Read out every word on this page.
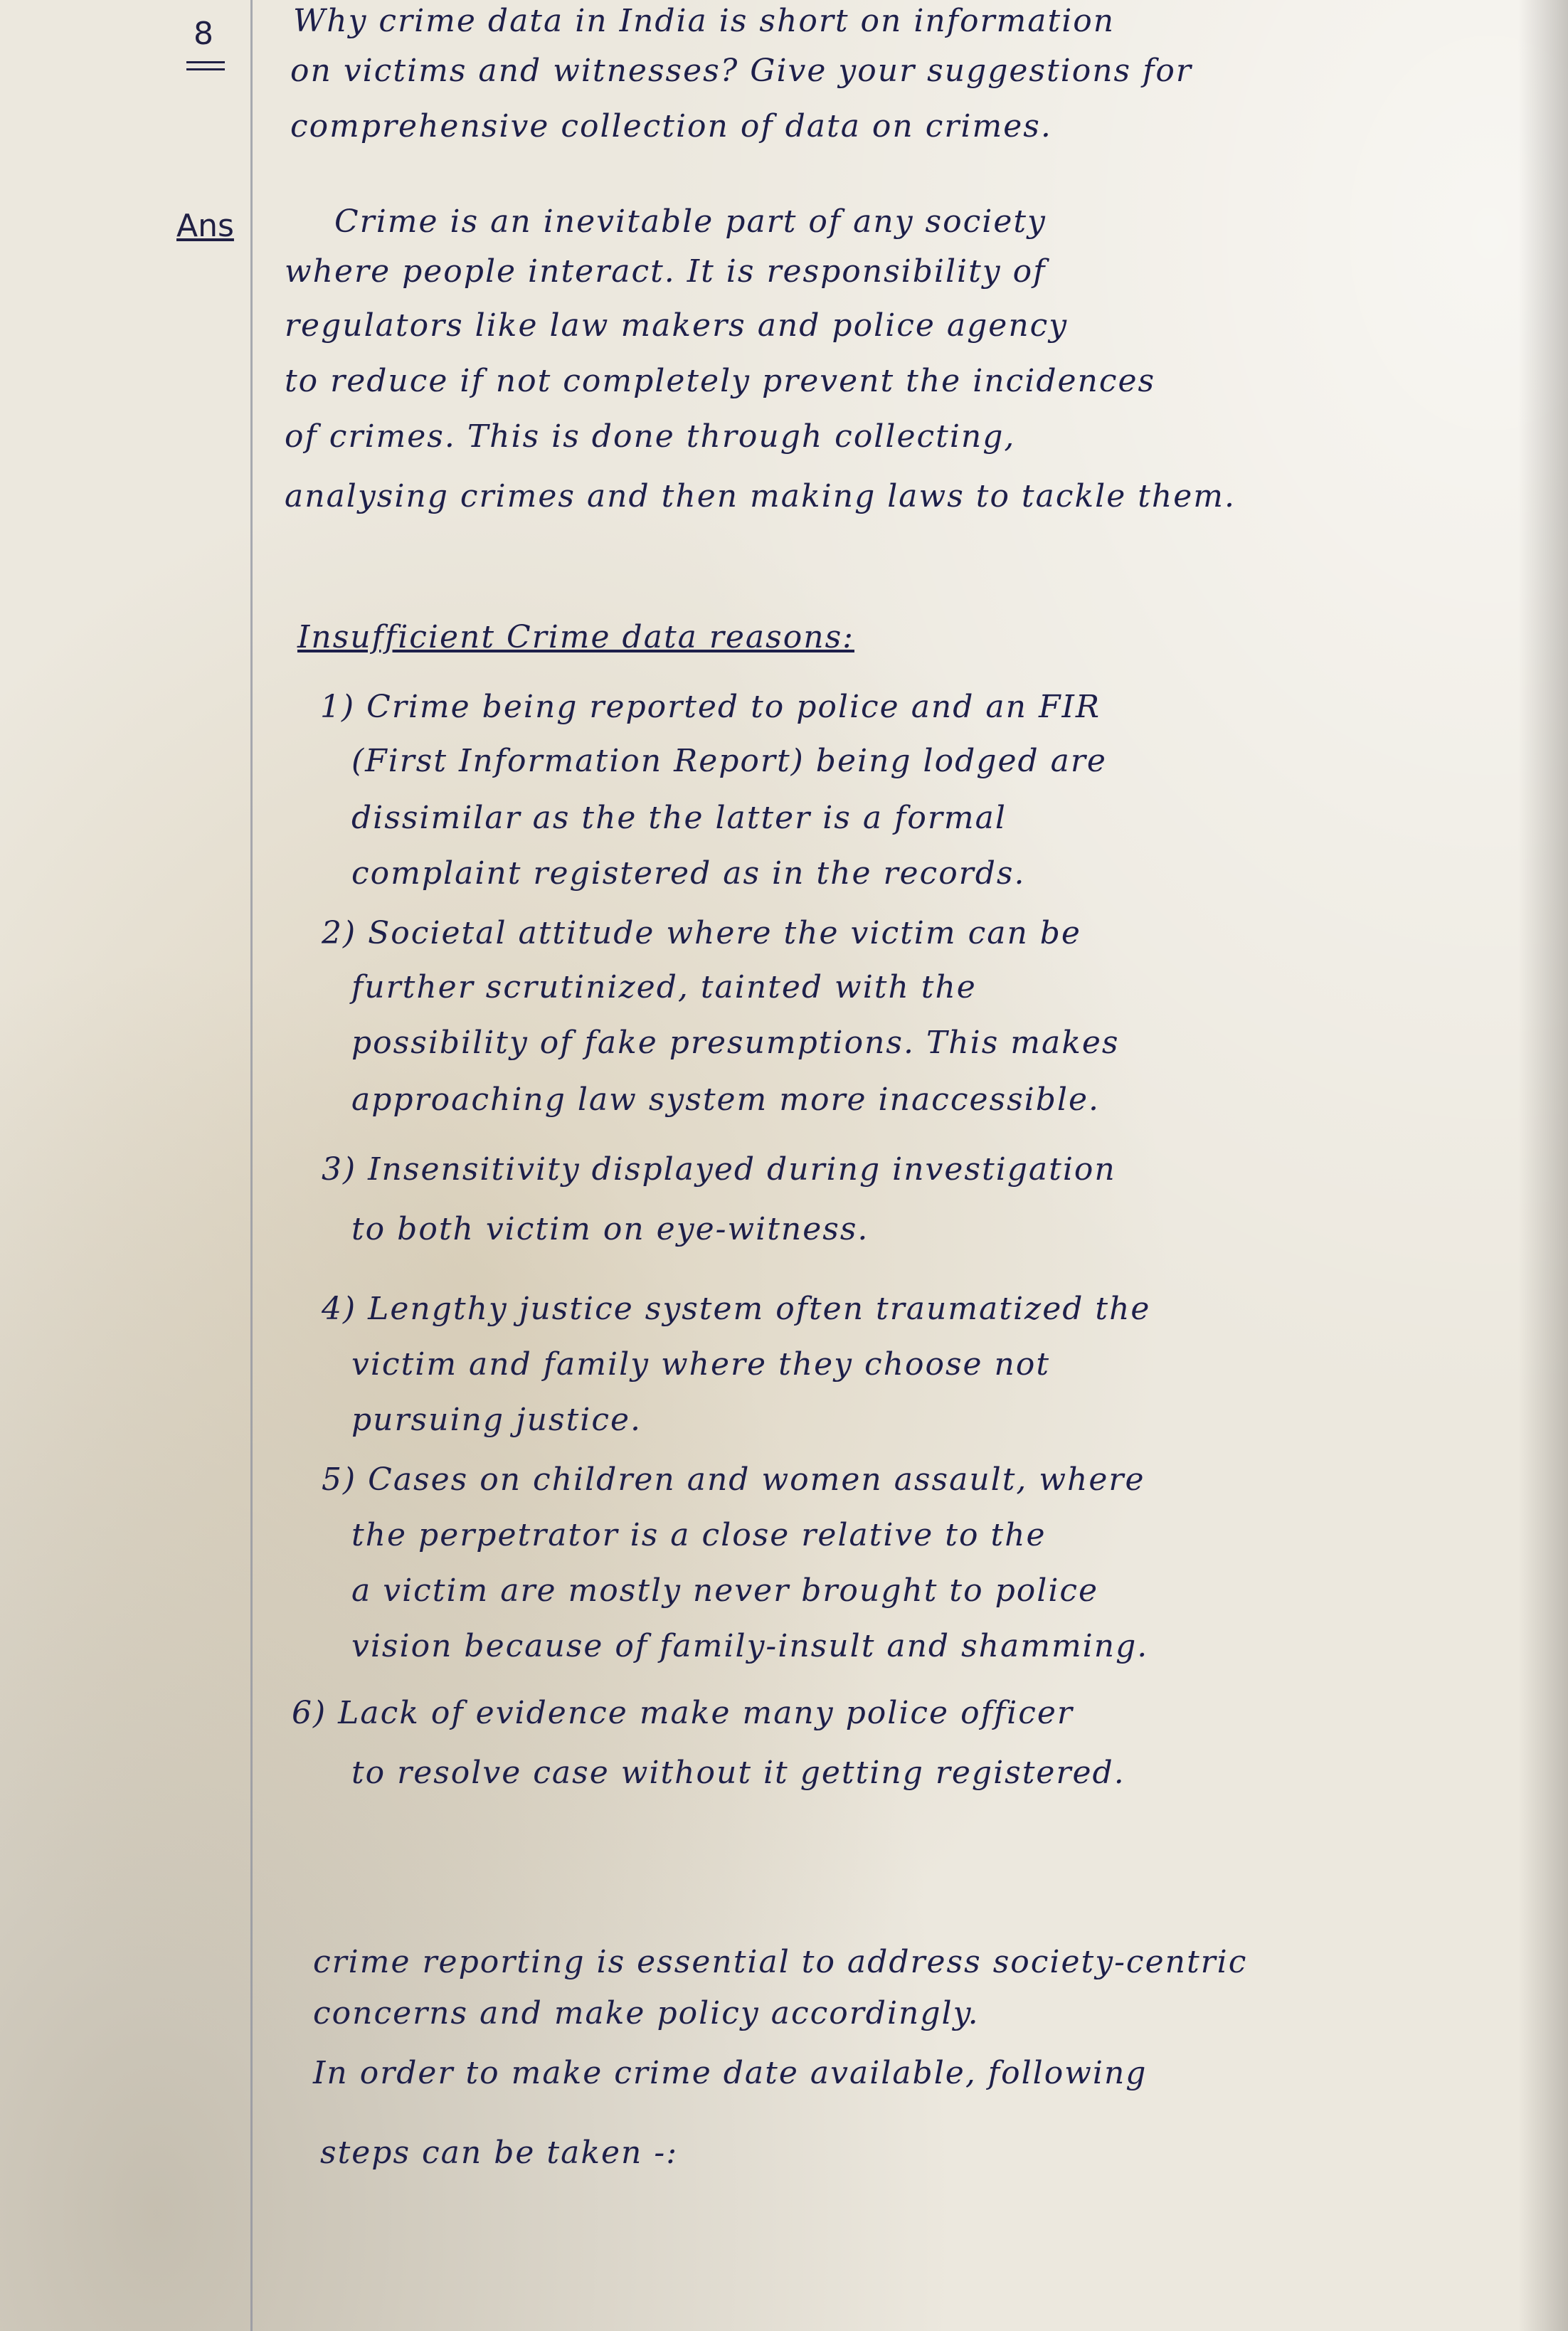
8	Why crime data in India is short on information
on victims and witnesses? Give your suggestions for
comprehensive collection of data on crimes.
Ans	Crime is an inevitable part of any society
where people interact. It is responsibility of
regulators like law makers and police agency
to reduce if not completely prevent the incidences
of crimes. This is done through collecting,
analysing crimes and then making laws to tackle them.
Insufficient Crime data reasons:
1) Crime being reported to police and an FIR
(First Information Report) being lodged are
dissimilar as the the latter is a formal
complaint registered as in the records.
2) Societal attitude where the victim can be
further scrutinized, tainted with the
possibility of fake presumptions. This makes
approaching law system more inaccessible.
3) Insensitivity displayed during investigation
to both victim on eye-witness.
4) Lengthy justice system often traumatized the
victim and family where they choose not
pursuing justice.
5) Cases on children and women assault, where
the perpetrator is a close relative to the
a victim are mostly never brought to police
vision because of family-insult and shamming.
6) Lack of evidence make many police officer
to resolve case without it getting registered.
crime reporting is essential to address society-centric
concerns and make policy accordingly.
In order to make crime date available, following
steps can be taken -:
